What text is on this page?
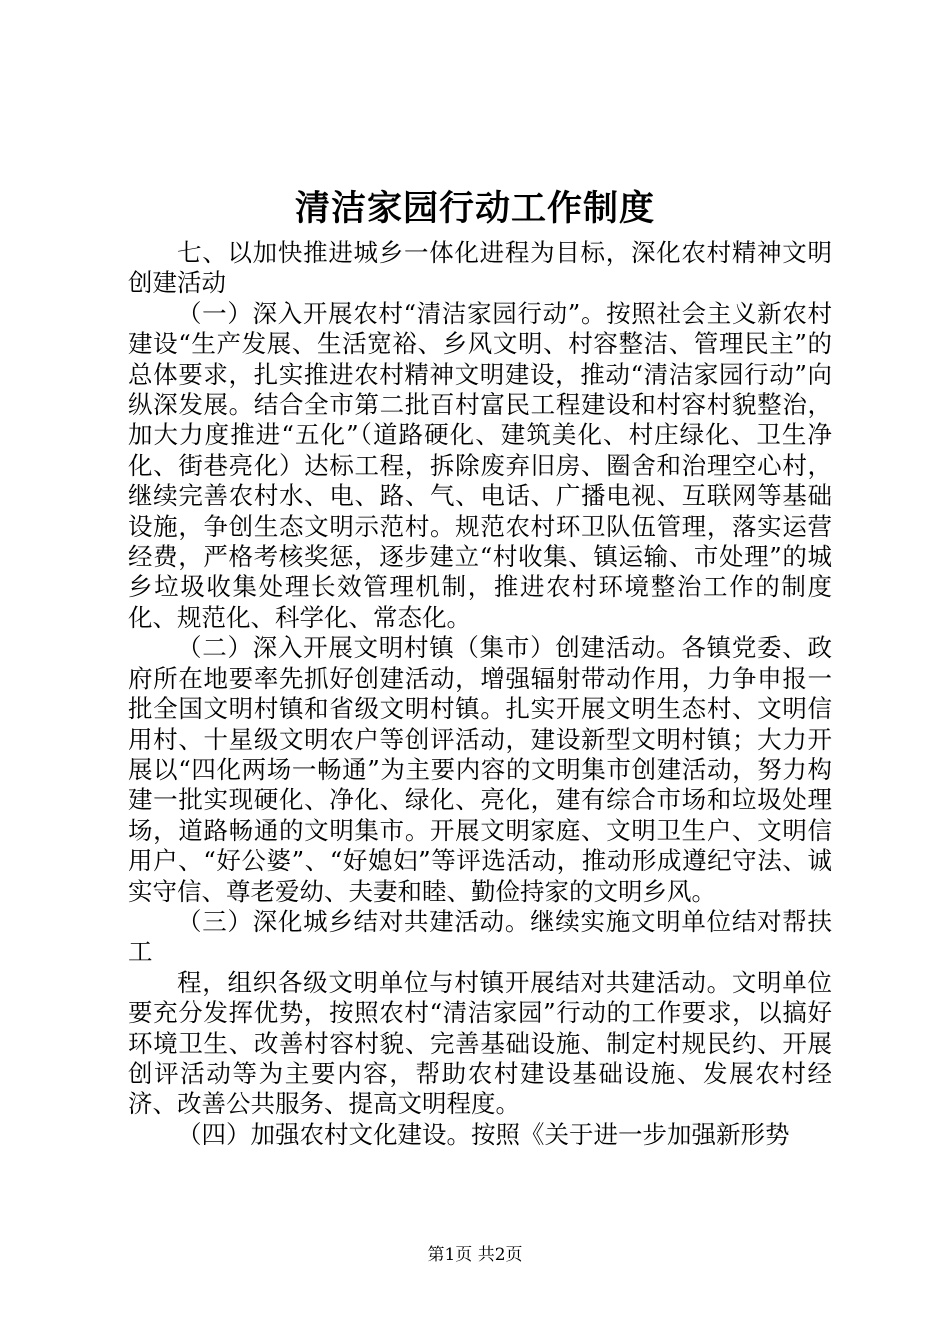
清洁家园行动工作制度

七、以加快推进城乡一体化进程为目标，深化农村精神文明创建活动

（一）深入开展农村“清洁家园行动”。按照社会主义新农村建设“生产发展、生活宽裕、乡风文明、村容整洁、管理民主”的总体要求，扎实推进农村精神文明建设，推动“清洁家园行动”向纵深发展。结合全市第二批百村富民工程建设和村容村貌整治，加大力度推进“五化”（道路硬化、建筑美化、村庄绿化、卫生净化、街巷亮化）达标工程，拆除废弃旧房、圈舍和治理空心村，继续完善农村水、电、路、气、电话、广播电视、互联网等基础设施，争创生态文明示范村。规范农村环卫队伍管理，落实运营经费，严格考核奖惩，逐步建立“村收集、镇运输、市处理”的城乡垃圾收集处理长效管理机制，推进农村环境整治工作的制度化、规范化、科学化、常态化。

（二）深入开展文明村镇（集市）创建活动。各镇党委、政府所在地要率先抓好创建活动，增强辐射带动作用，力争申报一批全国文明村镇和省级文明村镇。扎实开展文明生态村、文明信用村、十星级文明农户等创评活动，建设新型文明村镇；大力开展以“四化两场一畅通”为主要内容的文明集市创建活动，努力构建一批实现硬化、净化、绿化、亮化，建有综合市场和垃圾处理场，道路畅通的文明集市。开展文明家庭、文明卫生户、文明信用户、“好公婆”、“好媳妇”等评选活动，推动形成遵纪守法、诚实守信、尊老爱幼、夫妻和睦、勤俭持家的文明乡风。

（三）深化城乡结对共建活动。继续实施文明单位结对帮扶工

程，组织各级文明单位与村镇开展结对共建活动。文明单位要充分发挥优势，按照农村“清洁家园”行动的工作要求，以搞好环境卫生、改善村容村貌、完善基础设施、制定村规民约、开展创评活动等为主要内容，帮助农村建设基础设施、发展农村经济、改善公共服务、提高文明程度。

（四）加强农村文化建设。按照《关于进一步加强新形势

第1页 共2页
